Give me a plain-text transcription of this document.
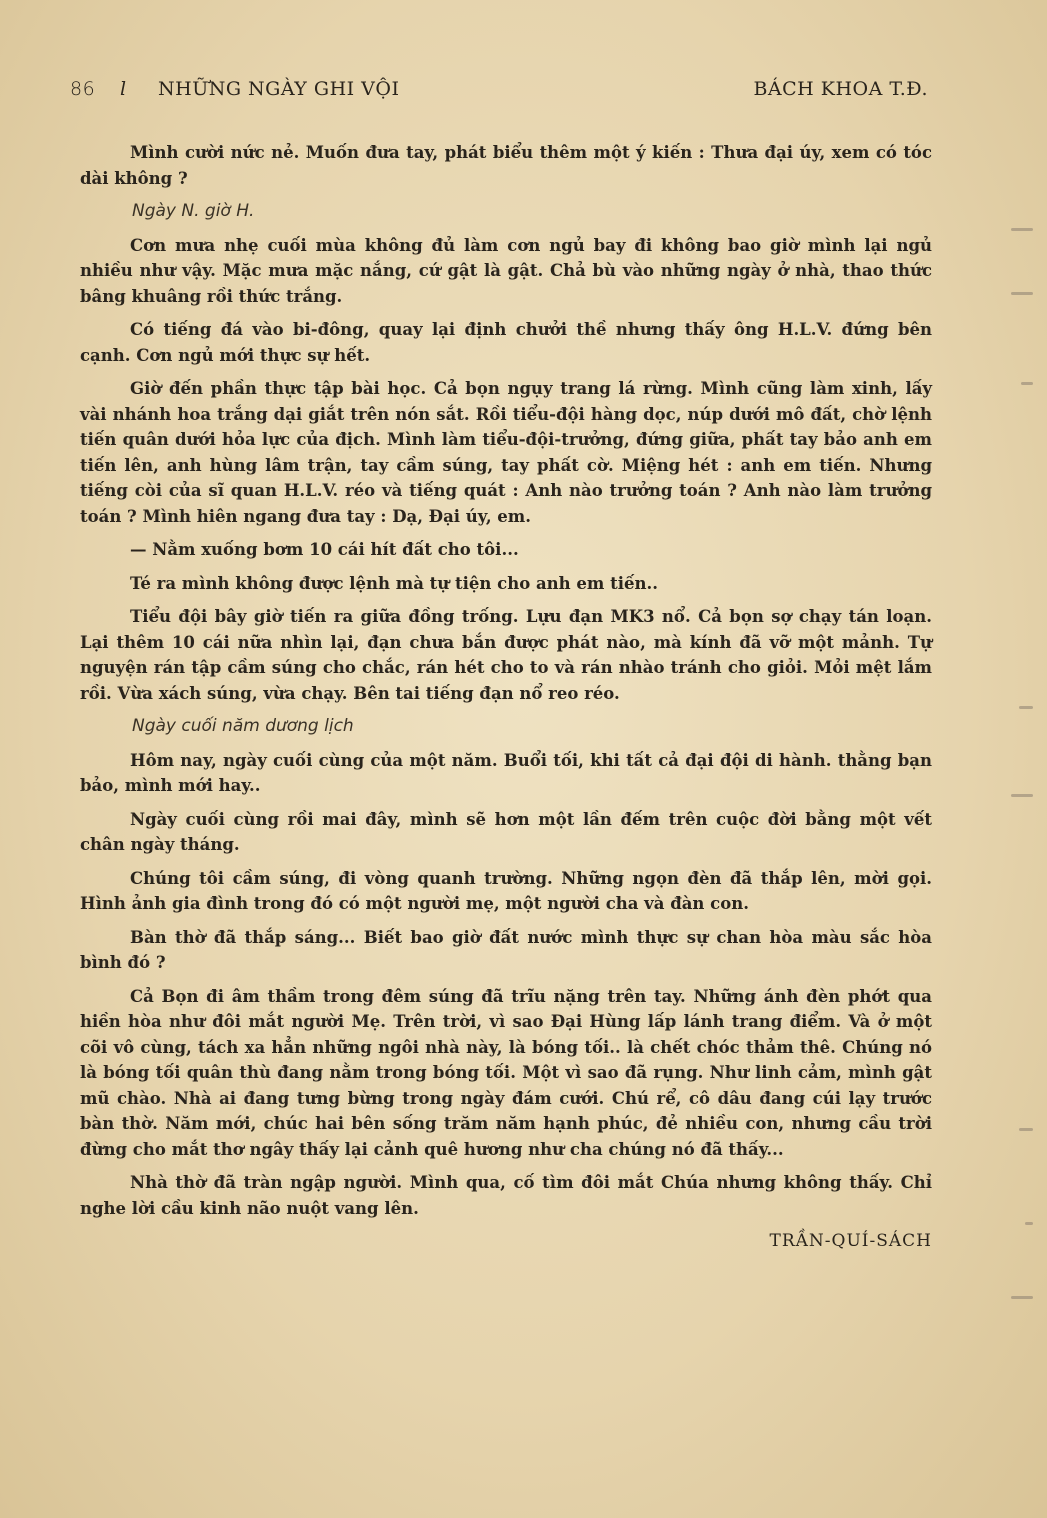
86 l NHỮNG NGÀY GHI VỘI	BÁCH KHOA T.Đ.

Mình cười nức nẻ. Muốn đưa tay, phát biểu thêm một ý kiến : Thưa đại úy, xem có tóc dài không ?

Ngày N. giờ H.

Cơn mưa nhẹ cuối mùa không đủ làm cơn ngủ bay đi không bao giờ mình lại ngủ nhiều như vậy. Mặc mưa mặc nắng, cứ gật là gật. Chả bù vào những ngày ở nhà, thao thức bâng khuâng rồi thức trắng.

Có tiếng đá vào bi-đông, quay lại định chưởi thề nhưng thấy ông H.L.V. đứng bên cạnh. Cơn ngủ mới thực sự hết.

Giờ đến phần thực tập bài học. Cả bọn ngụy trang lá rừng. Mình cũng làm xinh, lấy vài nhánh hoa trắng dại giắt trên nón sắt. Rồi tiểu-đội hàng dọc, núp dưới mô đất, chờ lệnh tiến quân dưới hỏa lực của địch. Mình làm tiểu-đội-trưởng, đứng giữa, phất tay bảo anh em tiến lên, anh hùng lâm trận, tay cầm súng, tay phất cờ. Miệng hét : anh em tiến. Nhưng tiếng còi của sĩ quan H.L.V. réo và tiếng quát : Anh nào trưởng toán ? Anh nào làm trưởng toán ? Mình hiên ngang đưa tay : Dạ, Đại úy, em.

— Nằm xuống bơm 10 cái hít đất cho tôi...

Té ra mình không được lệnh mà tự tiện cho anh em tiến..

Tiểu đội bây giờ tiến ra giữa đồng trống. Lựu đạn MK3 nổ. Cả bọn sợ chạy tán loạn. Lại thêm 10 cái nữa nhìn lại, đạn chưa bắn được phát nào, mà kính đã vỡ một mảnh. Tự nguyện rán tập cầm súng cho chắc, rán hét cho to và rán nhào tránh cho giỏi. Mỏi mệt lắm rồi. Vừa xách súng, vừa chạy. Bên tai tiếng đạn nổ reo réo.

Ngày cuối năm dương lịch

Hôm nay, ngày cuối cùng của một năm. Buổi tối, khi tất cả đại đội di hành. thằng bạn bảo, mình mới hay..

Ngày cuối cùng rồi mai đây, mình sẽ hơn một lần đếm trên cuộc đời bằng một vết chân ngày tháng.

Chúng tôi cầm súng, đi vòng quanh trường. Những ngọn đèn đã thắp lên, mời gọi. Hình ảnh gia đình trong đó có một người mẹ, một người cha và đàn con.

Bàn thờ đã thắp sáng... Biết bao giờ đất nước mình thực sự chan hòa màu sắc hòa bình đó ?

Cả Bọn đi âm thầm trong đêm súng đã trĩu nặng trên tay. Những ánh đèn phớt qua hiền hòa như đôi mắt người Mẹ. Trên trời, vì sao Đại Hùng lấp lánh trang điểm. Và ở một cõi vô cùng, tách xa hẳn những ngôi nhà này, là bóng tối.. là chết chóc thảm thê. Chúng nó là bóng tối quân thù đang nằm trong bóng tối. Một vì sao đã rụng. Như linh cảm, mình gật mũ chào. Nhà ai đang tưng bừng trong ngày đám cưới. Chú rể, cô dâu đang cúi lạy trước bàn thờ. Năm mới, chúc hai bên sống trăm năm hạnh phúc, đẻ nhiều con, nhưng cầu trời đừng cho mắt thơ ngây thấy lại cảnh quê hương như cha chúng nó đã thấy...

Nhà thờ đã tràn ngập người. Mình qua, cố tìm đôi mắt Chúa nhưng không thấy. Chỉ nghe lời cầu kinh não nuột vang lên.

TRẦN-QUÍ-SÁCH
